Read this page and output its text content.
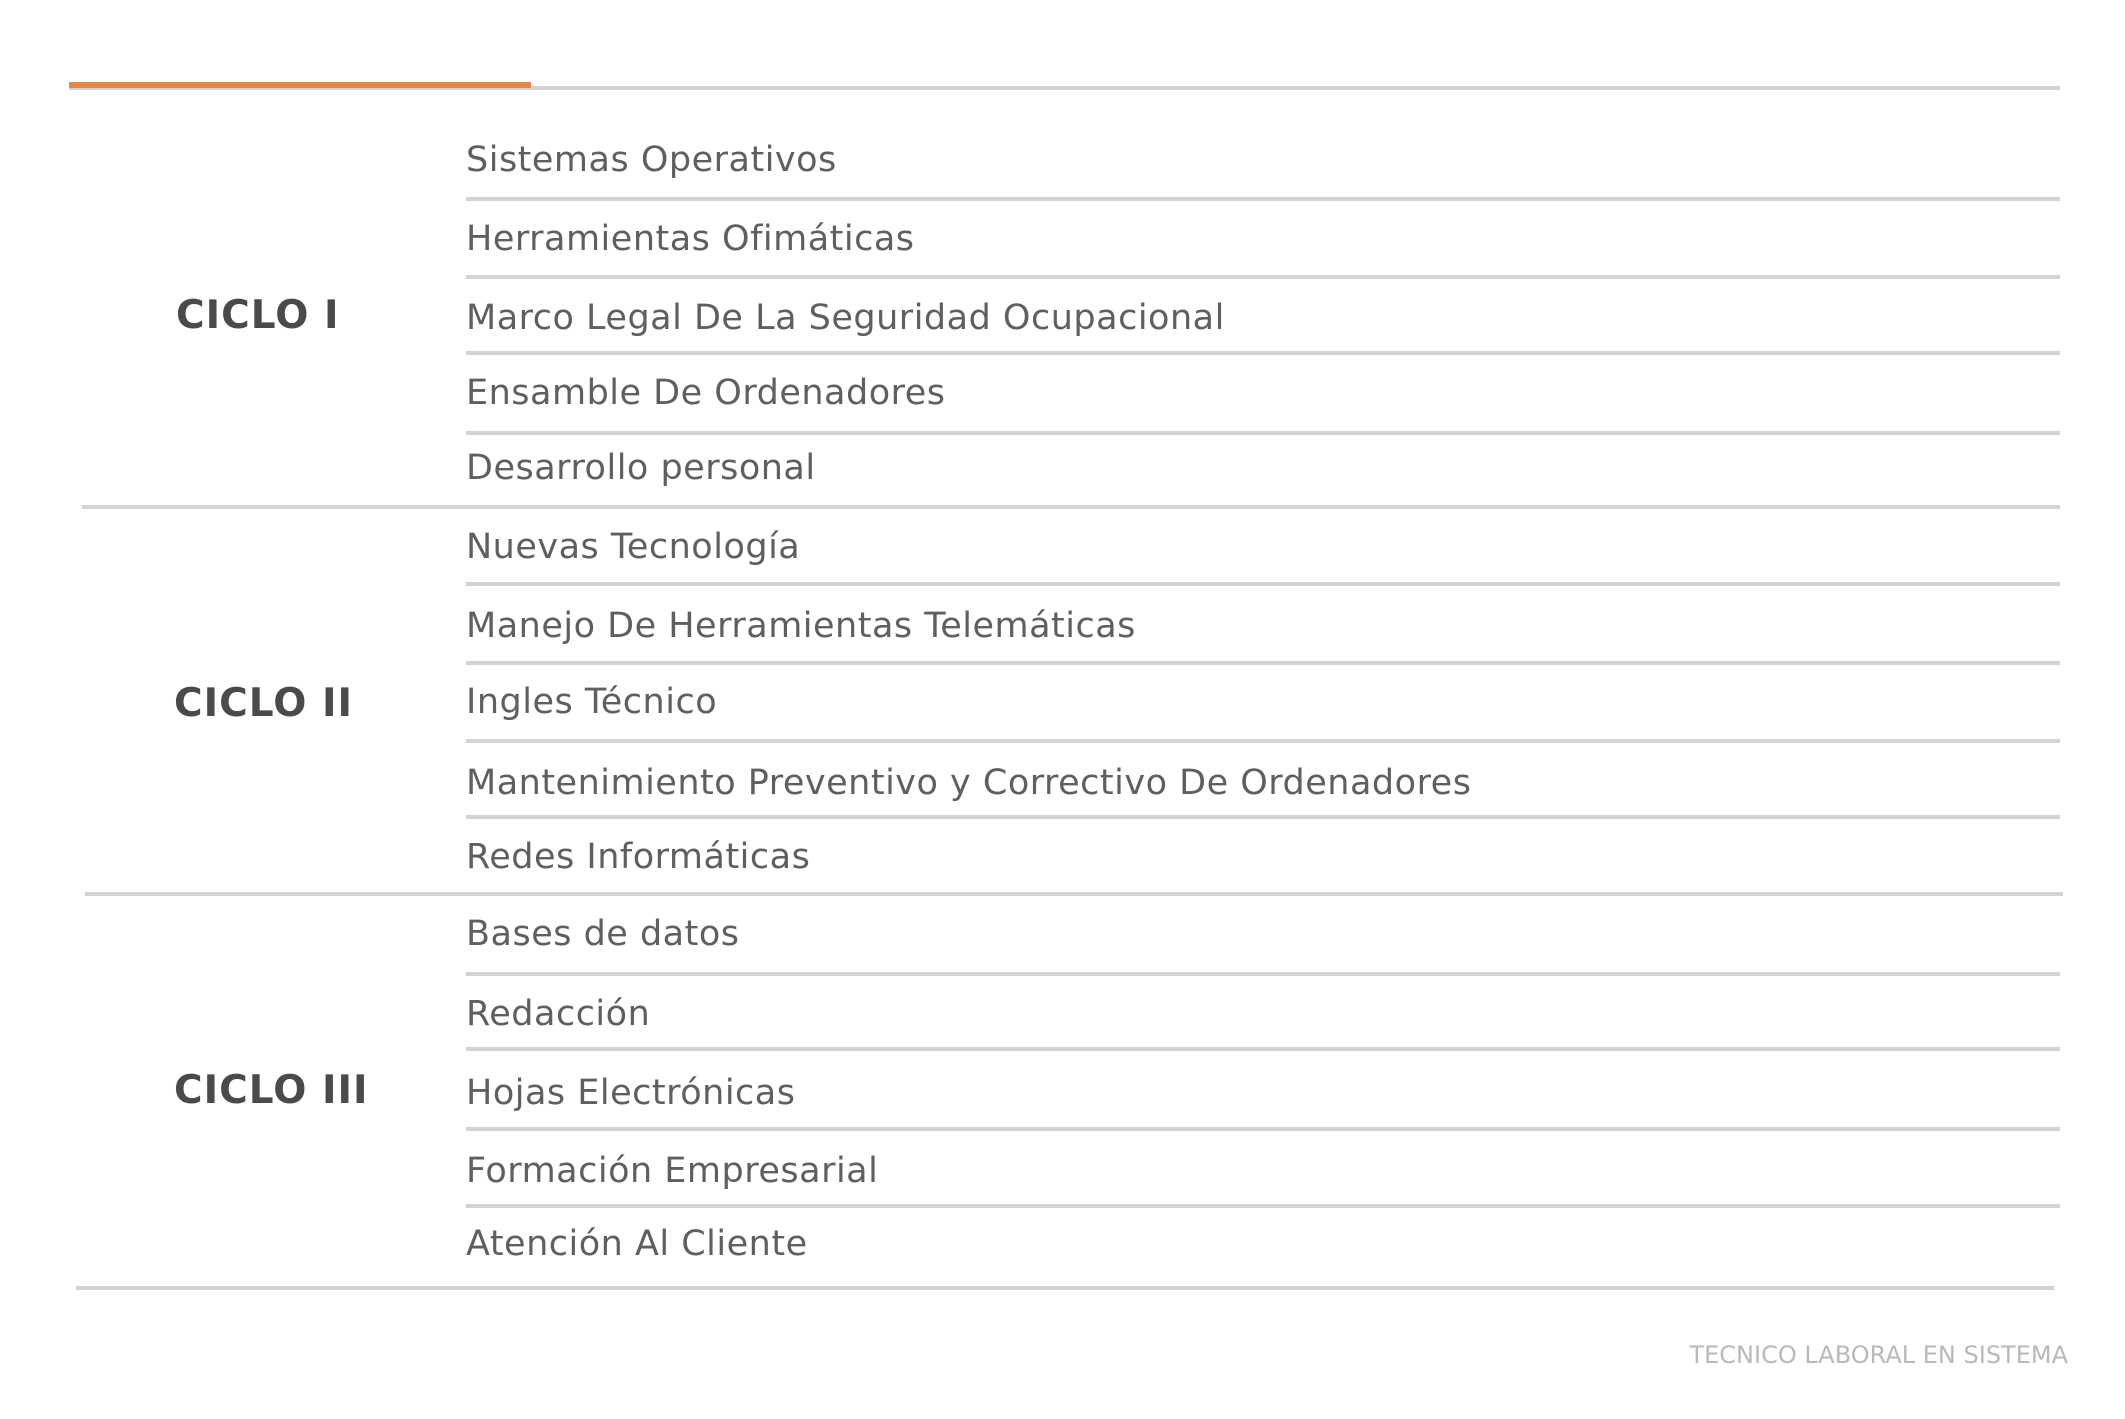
CICLO I
Sistemas Operativos
Herramientas Ofimáticas
Marco Legal De La Seguridad Ocupacional
Ensamble De Ordenadores
Desarrollo personal
CICLO II
Nuevas Tecnología
Manejo De Herramientas Telemáticas
Ingles Técnico
Mantenimiento Preventivo y Correctivo De Ordenadores
Redes Informáticas
CICLO III
Bases de datos
Redacción
Hojas Electrónicas
Formación Empresarial
Atención Al Cliente
TECNICO LABORAL EN SISTEMA
